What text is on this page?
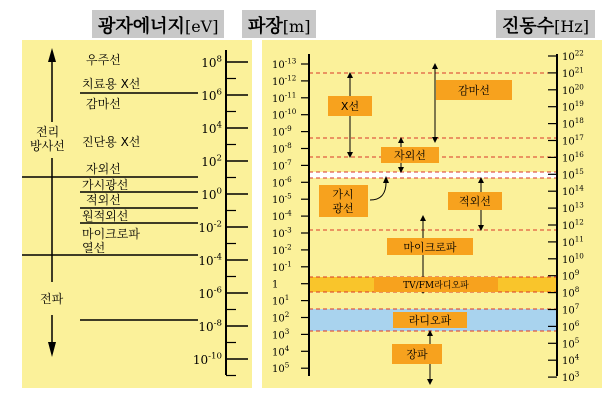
광자에너지[eV]	파장[m]	진동수[Hz]
우주선
치료용 X선
감마선
진단용 X선
자외선
가시광선
적외선
원적외선
마이크로파
열선
전리
방사선
전파
$10^8$
$10^6$
$10^4$
$10^2$
$10^0$
$10^{-2}$
$10^{-4}$
$10^{-6}$
$10^{-8}$
$10^{-10}$
$10^{-13}$
$10^{-12}$
$10^{-11}$
$10^{-10}$
$10^{-9}$
$10^{-8}$
$10^{-7}$
$10^{-6}$
$10^{-5}$
$10^{-4}$
$10^{-3}$
$10^{-2}$
$10^{-1}$
1
$10^1$
$10^2$
$10^3$
$10^4$
$10^5$
$10^{22}$
$10^{21}$
$10^{20}$
$10^{19}$
$10^{18}$
$10^{17}$
$10^{16}$
$10^{15}$
$10^{14}$
$10^{13}$
$10^{12}$
$10^{11}$
$10^{10}$
$10^9$
$10^8$
$10^7$
$10^6$
$10^5$
$10^4$
$10^3$
X선
감마선
자외선
가시
광선
적외선
마이크로파
TV/FM라디오파
라디오파
장파
